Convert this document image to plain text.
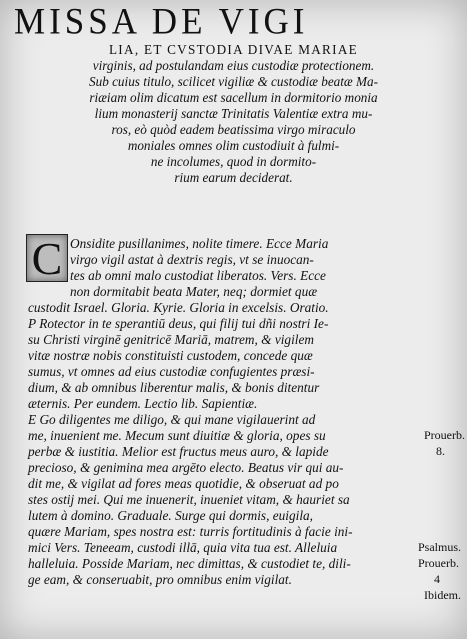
MISSA DE VIGI
LIA, ET CVSTODIA DIVAE MARIAE
virginis, ad postulandam eius custodiæ protectionem.
Sub cuius titulo, scilicet vigiliæ & custodiæ beatæ Ma-
riæiam olim dicatum est sacellum in dormitorio monia
lium monasterij sanctæ Trinitatis Valentiæ extra mu-
ros, eò quòd eadem beatissima virgo miraculo
moniales omnes olim custodiuit à fulmi-
ne incolumes, quod in dormito-
rium earum deciderat.
C Onsidite pusillanimes, nolite timere. Ecce Maria
virgo vigil astat à dextris regis, vt se inuocan-
tes ab omni malo custodiat liberatos. Vers. Ecce
non dormitabit beata Mater, neq; dormiet quæ
custodit Israel. Gloria. Kyrie. Gloria in excelsis. Oratio.
P Rotector in te sperantiū deus, qui filij tui dñi nostri Ie-
su Christi virginē genitricē Mariā, matrem, & vigilem
vitæ nostræ nobis constituisti custodem, concede quæ
sumus, vt omnes ad eius custodiæ confugientes præsi-
dium, & ab omnibus liberentur malis, & bonis ditentur
æternis. Per eundem. Lectio lib. Sapientiæ.
E Go diligentes me diligo, & qui mane vigilauerint ad
me, inuenient me. Mecum sunt diuitiæ & gloria, opes su
perbæ & iustitia. Melior est fructus meus auro, & lapide
precioso, & genimina mea argēto electo. Beatus vir qui au-
dit me, & vigilat ad fores meas quotidie, & obseruat ad po
stes ostij mei. Qui me inuenerit, inueniet vitam, & hauriet sa
lutem à domino. Graduale. Surge qui dormis, euigila,
quære Mariam, spes nostra est: turris fortitudinis à facie ini-
mici Vers. Teneeam, custodi illā, quia vita tua est. Alleluia
halleluia. Posside Mariam, nec dimittas, & custodiet te, dili-
ge eam, & conseruabit, pro omnibus enim vigilat.
Prouerb.
8.
Psalmus.
Prouerb.
4
Ibidem.
